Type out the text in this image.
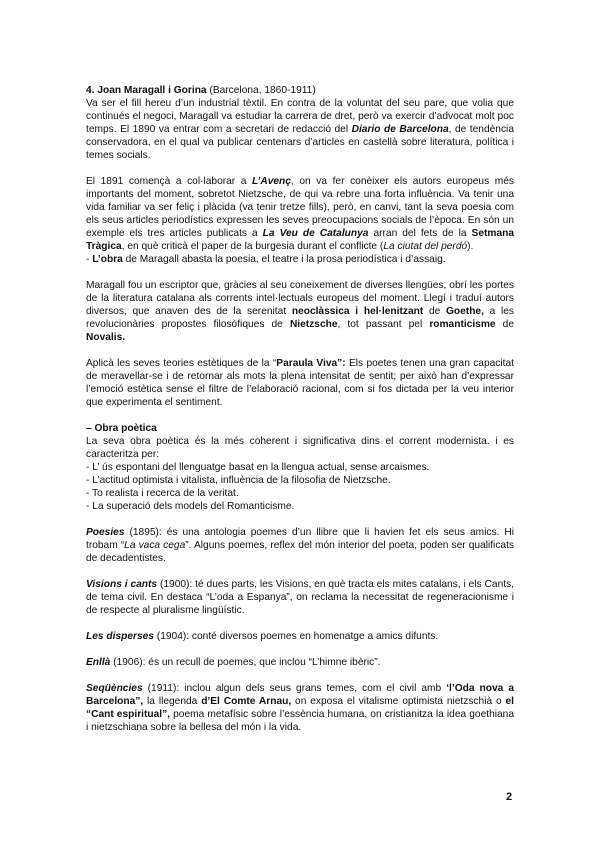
4. Joan Maragall i Gorina (Barcelona, 1860-1911)

Va ser el fill hereu d’un industrial tèxtil. En contra de la voluntat del seu pare, que volia que continués el negoci, Maragall va estudiar la carrera de dret, però va exercir d’advocat molt poc temps. El 1890 va entrar com a secretari de redacció del Diario de Barcelona, de tendència conservadora, en el qual va publicar centenars d’articles en castellà sobre literatura, política i temes socials.

El 1891 començà a col·laborar a L’Avenç, on va fer conèixer els autors europeus més importants del moment, sobretot Nietzsche, de qui va rebre una forta influència. Va tenir una vida familiar va ser feliç i plàcida (va tenir tretze fills), però, en canvi, tant la seva poesia com els seus articles periodístics expressen les seves preocupacions socials de l’època. En són un exemple els tres articles publicats a La Veu de Catalunya arran del fets de la Setmana Tràgica, en què criticà el paper de la burgesia durant el conflicte (La ciutat del perdó).
- L’obra de Maragall abasta la poesia, el teatre i la prosa periodística i d’assaig.

Maragall fou un escriptor que, gràcies al seu coneixement de diverses llengües, obrí les portes de la literatura catalana als corrents intel·lectuals europeus del moment. Llegí i traduí autors diversos, que anaven des de la serenitat neoclàssica i hel·lenitzant de Goethe, a les revolucionàries propostes filosòfiques de Nietzsche, tot passant pel romanticisme de Novalis.

Aplicà les seves teories estètiques de la “Paraula Viva”: Els poetes tenen una gran capacitat de meravellar-se i de retornar als mots la plena intensitat de sentit; per això han d’expressar l’emoció estètica sense el filtre de l’elaboració racional, com si fos dictada per la veu interior que experimenta el sentiment.

– Obra poètica

La seva obra poètica és la més coherent i significativa dins el corrent modernista. i es caracteritza per:

- L’ ús espontani del llenguatge basat en la llengua actual, sense arcaismes.

- L’actitud optimista i vitalista, influència de la filosofia de Nietzsche.

- To realista i recerca de la veritat.

- La superació dels models del Romanticisme.

Poesies (1895): és una antologia poemes d’un llibre que li havien fet els seus amics. Hi trobam “La vaca cega”. Alguns poemes, reflex del món interior del poeta, poden ser qualificats de decadentistes.

Visions i cants (1900): té dues parts, les Visions, en què tracta els mites catalans, i els Cants, de tema civil. En destaca “L’oda a Espanya”, on reclama la necessitat de regeneracionisme i de respecte al pluralisme lingüístic.

Les disperses (1904): conté diversos poemes en homenatge a amics difunts.

Enllà (1906): és un recull de poemes, que inclou “L’himne ibèric”.

Seqüències (1911): inclou algun dels seus grans temes, com el civil amb ‘l’Oda nova a Barcelona”, la llegenda d’El Comte Arnau, on exposa el vitalisme optimista nietzschià o el “Cant espiritual”, poema metafísic sobre l’essència humana, on cristianitza la idea goethiana i nietzschiana sobre la bellesa del món i la vida.

2
